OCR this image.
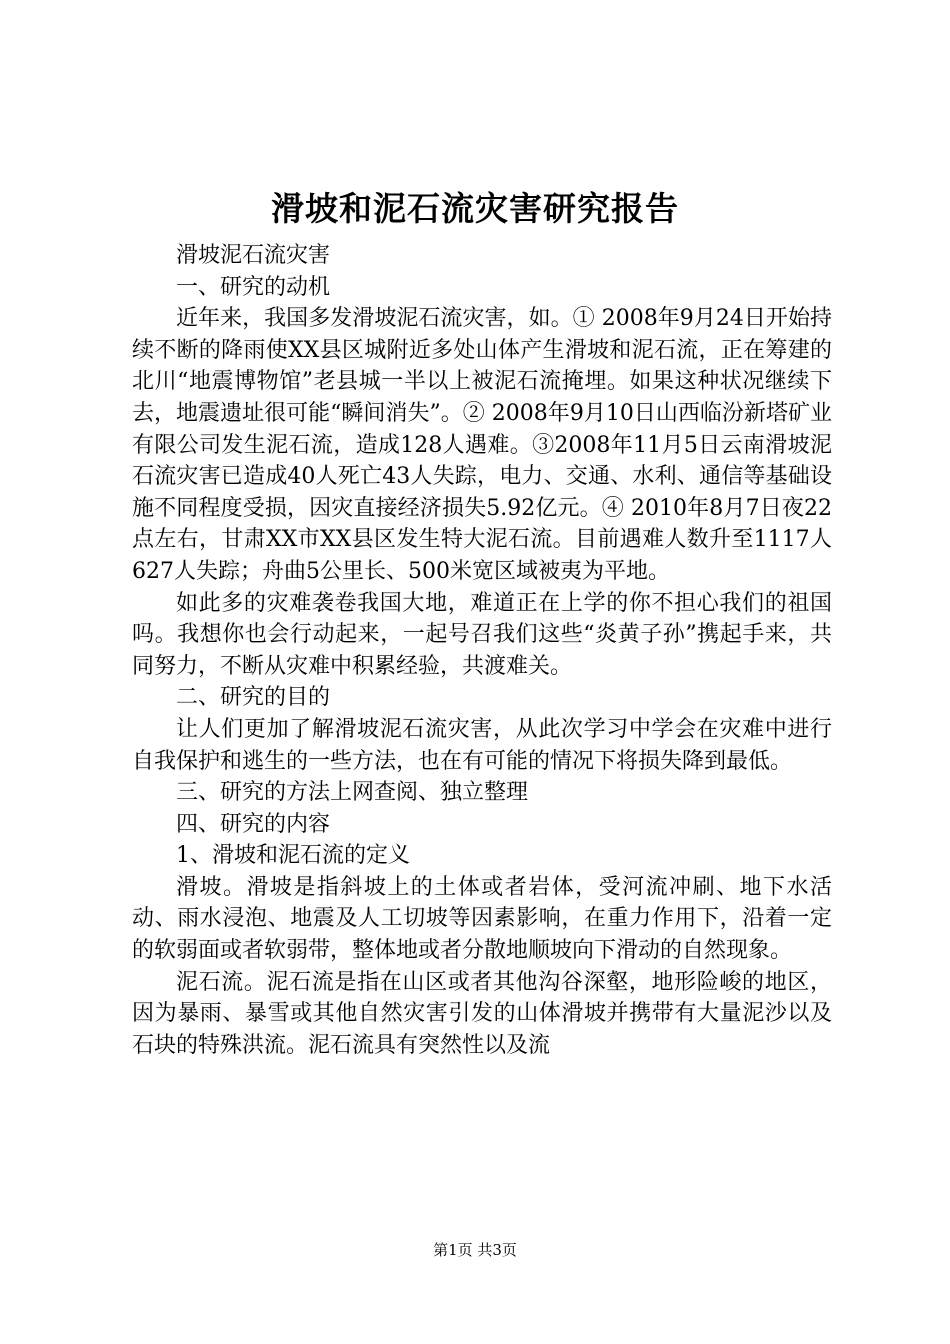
滑坡和泥石流灾害研究报告

滑坡泥石流灾害

一、研究的动机

近年来，我国多发滑坡泥石流灾害，如。① 2008年9月24日开始持续不断的降雨使XX县区城附近多处山体产生滑坡和泥石流，正在筹建的北川“地震博物馆”老县城一半以上被泥石流掩埋。如果这种状况继续下去，地震遗址很可能“瞬间消失”。② 2008年9月10日山西临汾新塔矿业有限公司发生泥石流，造成128人遇难。③2008年11月5日云南滑坡泥石流灾害已造成40人死亡43人失踪，电力、交通、水利、通信等基础设施不同程度受损，因灾直接经济损失5.92亿元。④ 2010年8月7日夜22点左右，甘肃XX市XX县区发生特大泥石流。目前遇难人数升至1117人627人失踪；舟曲5公里长、500米宽区域被夷为平地。

如此多的灾难袭卷我国大地，难道正在上学的你不担心我们的祖国吗。我想你也会行动起来，一起号召我们这些“炎黄子孙”携起手来，共同努力，不断从灾难中积累经验，共渡难关。

二、研究的目的

让人们更加了解滑坡泥石流灾害，从此次学习中学会在灾难中进行自我保护和逃生的一些方法，也在有可能的情况下将损失降到最低。

三、研究的方法上网查阅、独立整理

四、研究的内容

1、滑坡和泥石流的定义

滑坡。滑坡是指斜坡上的土体或者岩体，受河流冲刷、地下水活动、雨水浸泡、地震及人工切坡等因素影响，在重力作用下，沿着一定的软弱面或者软弱带，整体地或者分散地顺坡向下滑动的自然现象。

泥石流。泥石流是指在山区或者其他沟谷深壑，地形险峻的地区，因为暴雨、暴雪或其他自然灾害引发的山体滑坡并携带有大量泥沙以及石块的特殊洪流。泥石流具有突然性以及流

第1页 共3页
